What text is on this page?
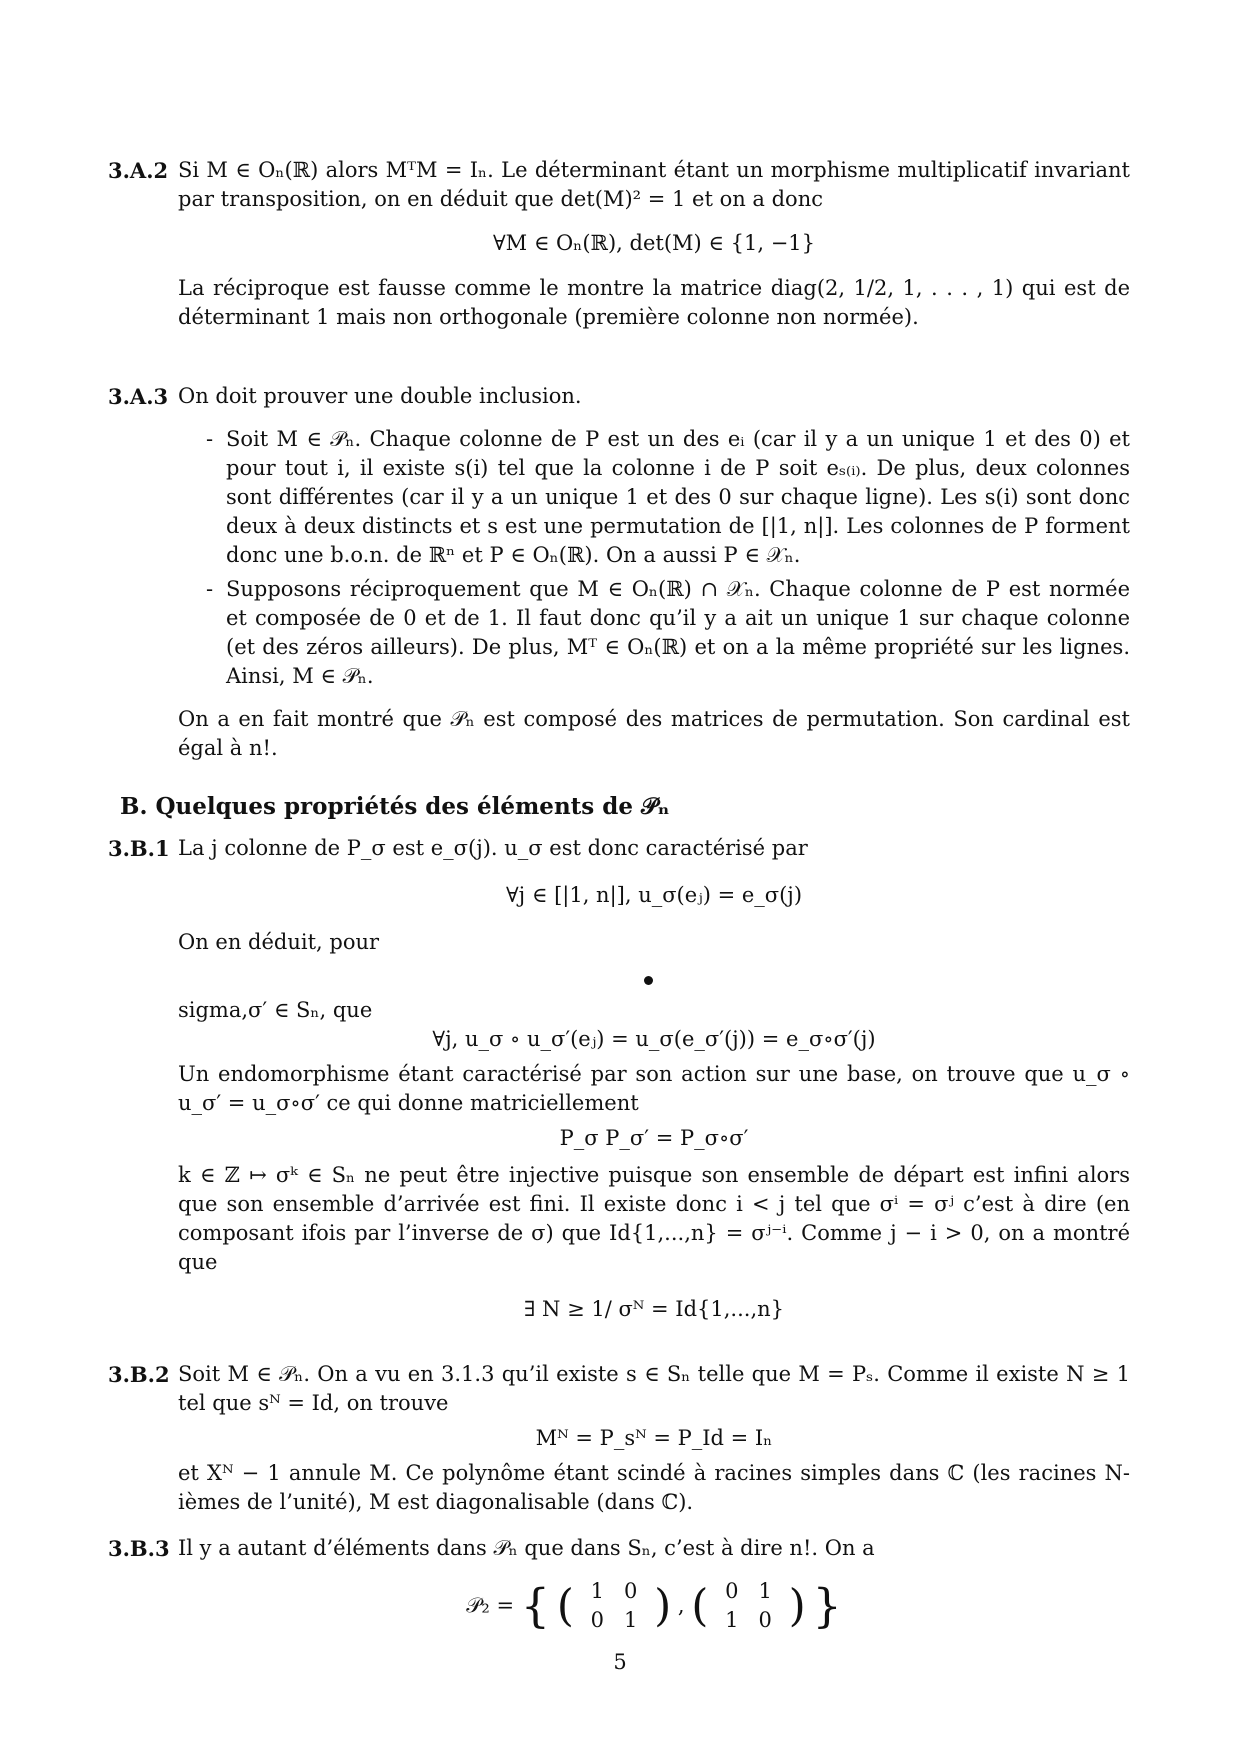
3.A.2 Si M ∈ Oₙ(ℝ) alors MᵀM = Iₙ. Le déterminant étant un morphisme multiplicatif invariant par transposition, on en déduit que det(M)² = 1 et on a donc

∀M ∈ Oₙ(ℝ), det(M) ∈ {1, −1}

La réciproque est fausse comme le montre la matrice diag(2, 1/2, 1, . . . , 1) qui est de déterminant 1 mais non orthogonale (première colonne non normée).

3.A.3 On doit prouver une double inclusion.

- Soit M ∈ 𝒫ₙ. Chaque colonne de P est un des eᵢ (car il y a un unique 1 et des 0) et pour tout i, il existe s(i) tel que la colonne i de P soit eₛ₍ᵢ₎. De plus, deux colonnes sont différentes (car il y a un unique 1 et des 0 sur chaque ligne). Les s(i) sont donc deux à deux distincts et s est une permutation de [|1, n|]. Les colonnes de P forment donc une b.o.n. de ℝⁿ et P ∈ Oₙ(ℝ). On a aussi P ∈ 𝒳ₙ.
- Supposons réciproquement que M ∈ Oₙ(ℝ) ∩ 𝒳ₙ. Chaque colonne de P est normée et composée de 0 et de 1. Il faut donc qu’il y a ait un unique 1 sur chaque colonne (et des zéros ailleurs). De plus, Mᵀ ∈ Oₙ(ℝ) et on a la même propriété sur les lignes. Ainsi, M ∈ 𝒫ₙ.

On a en fait montré que 𝒫ₙ est composé des matrices de permutation. Son cardinal est égal à n!.

B. Quelques propriétés des éléments de 𝒫ₙ
3.B.1 La j colonne de P_σ est e_σ(j). u_σ est donc caractérisé par

∀j ∈ [|1, n|], u_σ(eⱼ) = e_σ(j)

On en déduit, pour

sigma,σ′ ∈ Sₙ, que

∀j, u_σ ∘ u_σ′(eⱼ) = u_σ(e_σ′(j)) = e_σ∘σ′(j)

Un endomorphisme étant caractérisé par son action sur une base, on trouve que u_σ ∘ u_σ′ = u_σ∘σ′ ce qui donne matriciellement

P_σ P_σ′ = P_σ∘σ′

k ∈ ℤ ↦ σᵏ ∈ Sₙ ne peut être injective puisque son ensemble de départ est infini alors que son ensemble d’arrivée est fini. Il existe donc i < j tel que σⁱ = σʲ c’est à dire (en composant ifois par l’inverse de σ) que Id{1,...,n} = σʲ⁻ⁱ. Comme j − i > 0, on a montré que

∃ N ≥ 1/ σᴺ = Id{1,...,n}
3.B.2 Soit M ∈ 𝒫ₙ. On a vu en 3.1.3 qu’il existe s ∈ Sₙ telle que M = Pₛ. Comme il existe N ≥ 1 tel que sᴺ = Id, on trouve

Mᴺ = P_sᴺ = P_Id = Iₙ

et Xᴺ − 1 annule M. Ce polynôme étant scindé à racines simples dans ℂ (les racines N-ièmes de l’unité), M est diagonalisable (dans ℂ).

3.B.3 Il y a autant d’éléments dans 𝒫ₙ que dans Sₙ, c’est à dire n!. On a

𝒫₂ = { ( 1	0
0	1 ) , ( 0	1
1	0 ) }
5
